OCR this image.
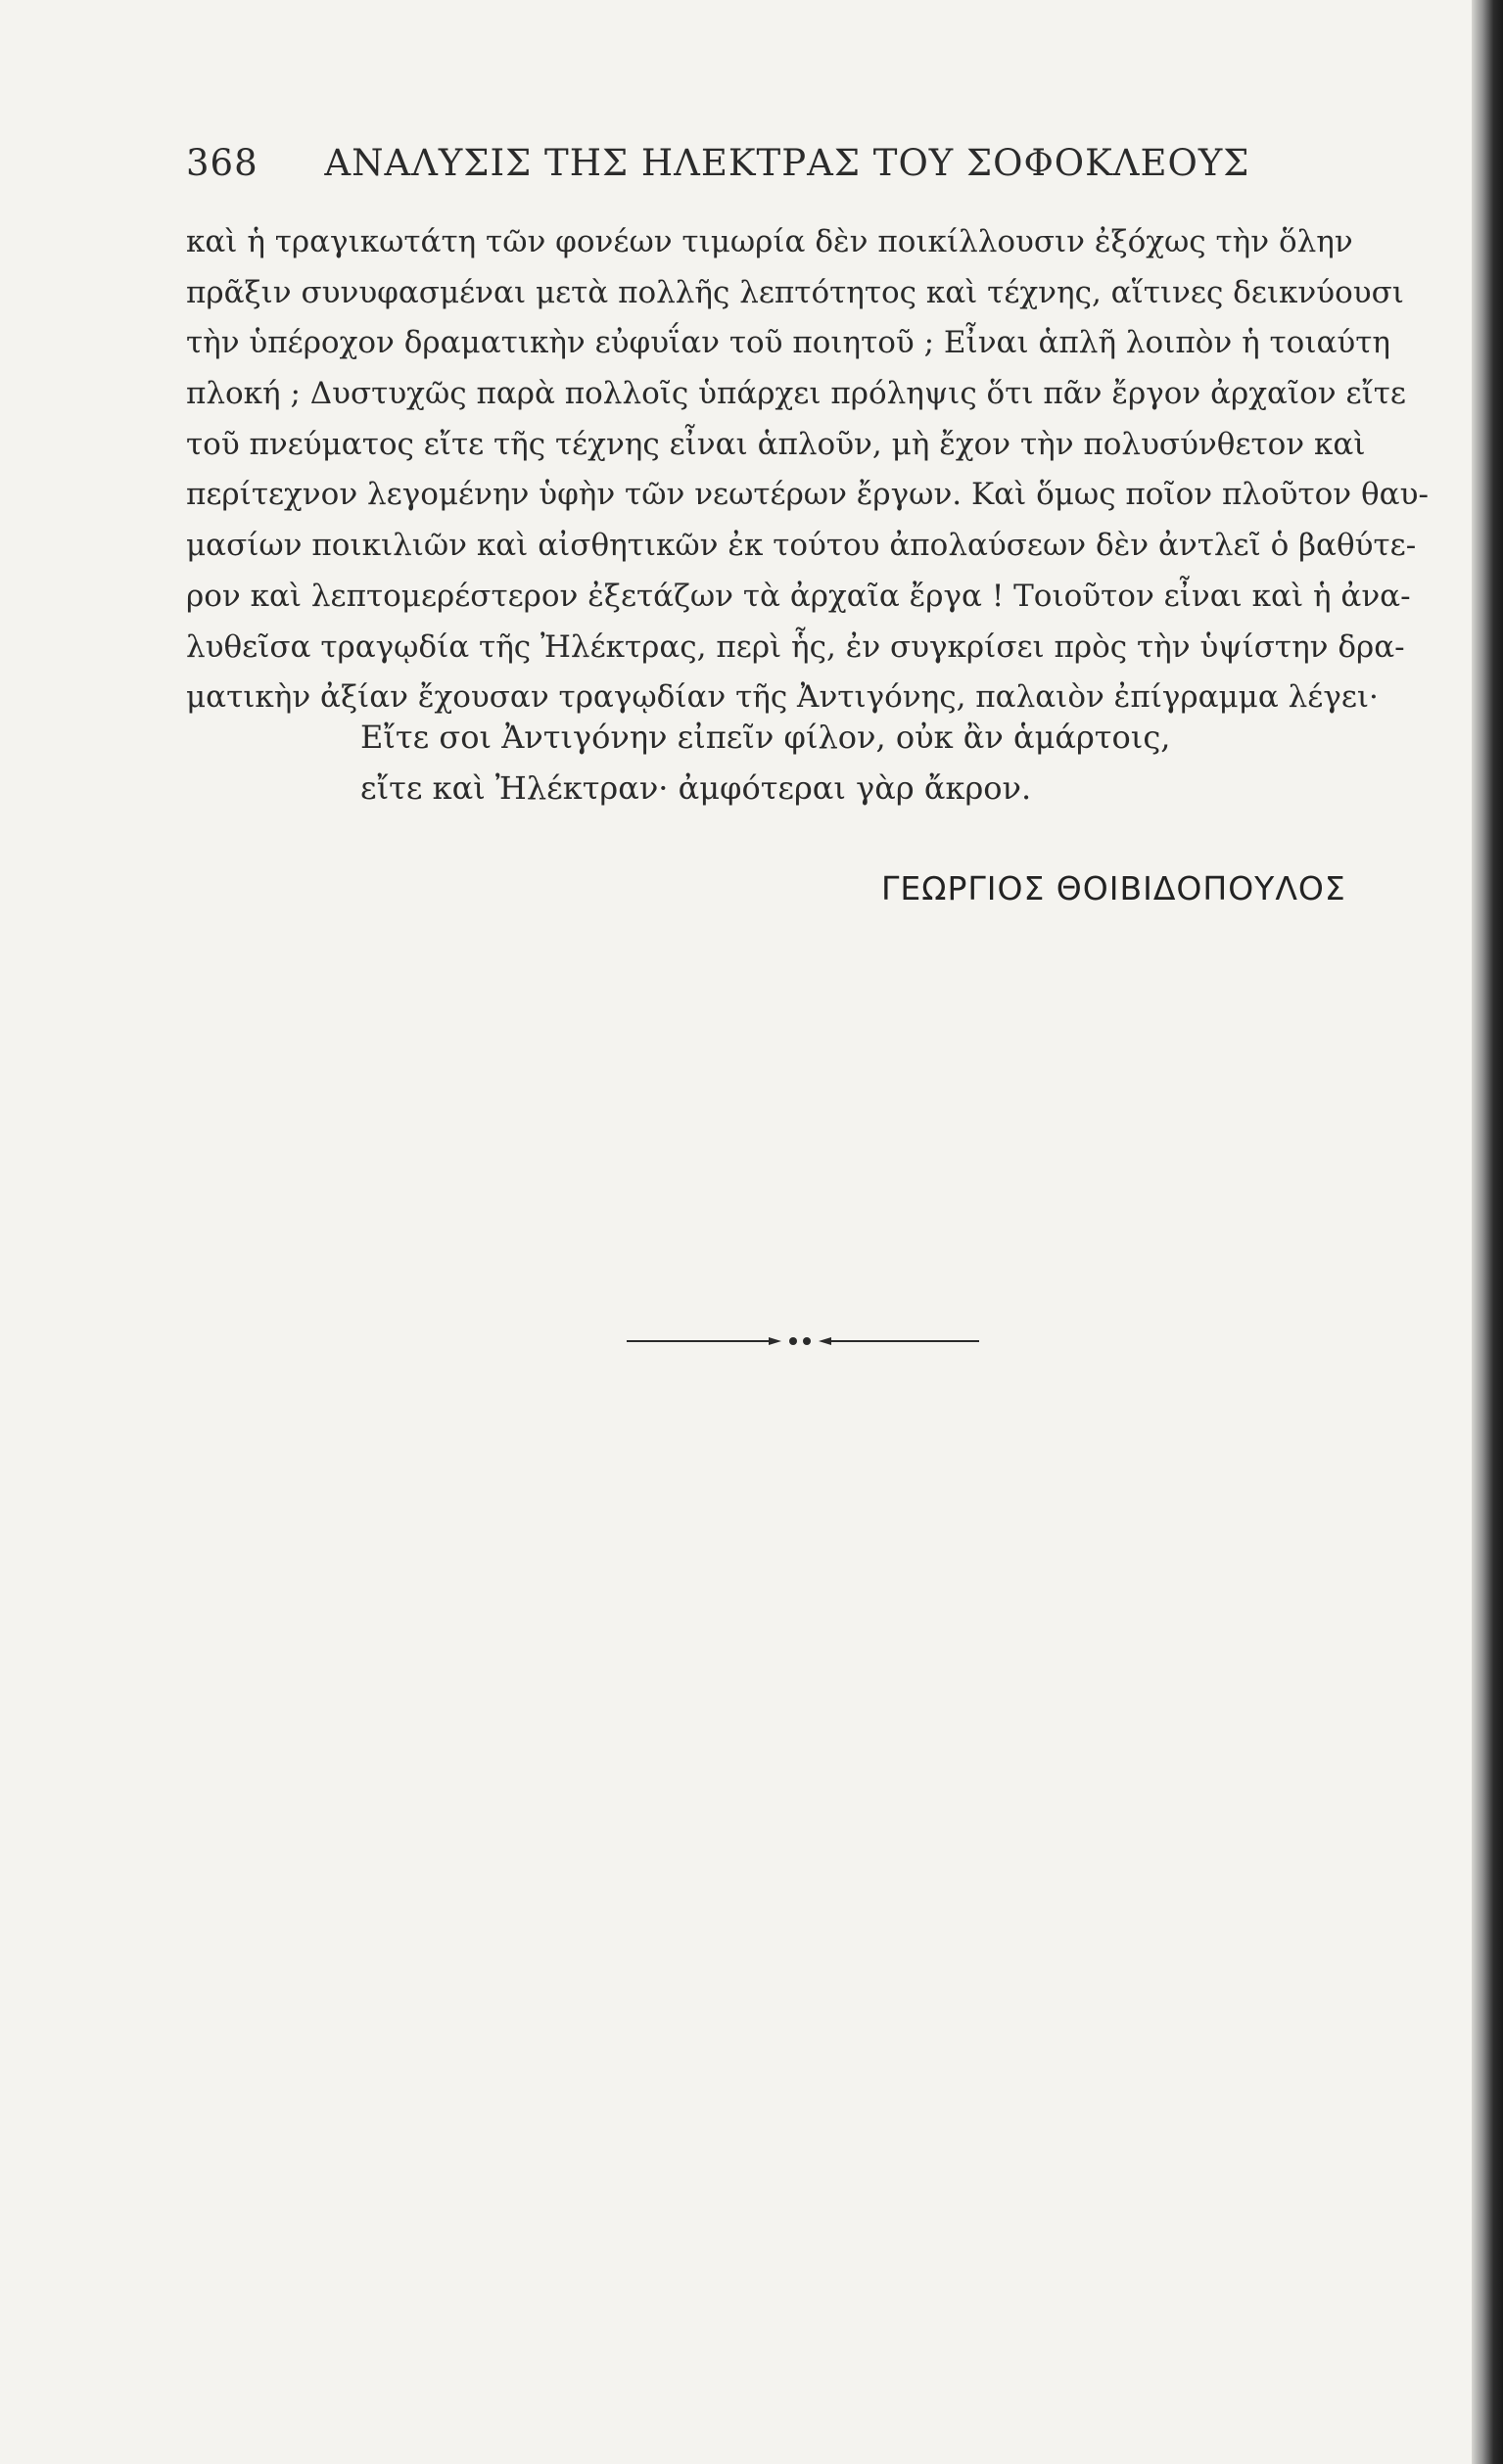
368 ΑΝΑΛΥΣΙΣ ΤΗΣ ΗΛΕΚΤΡΑΣ ΤΟΥ ΣΟΦΟΚΛΕΟΥΣ
καὶ ἡ τραγικωτάτη τῶν φονέων τιμωρία δὲν ποικίλλουσιν ἐξόχως τὴν ὅλην
πρᾶξιν συνυφασμέναι μετὰ πολλῆς λεπτότητος καὶ τέχνης, αἵτινες δεικνύουσι
τὴν ὑπέροχον δραματικὴν εὐφυΐαν τοῦ ποιητοῦ ; Εἶναι ἁπλῆ λοιπὸν ἡ τοιαύτη
πλοκή ; Δυστυχῶς παρὰ πολλοῖς ὑπάρχει πρόληψις ὅτι πᾶν ἔργον ἀρχαῖον εἴτε
τοῦ πνεύματος εἴτε τῆς τέχνης εἶναι ἁπλοῦν, μὴ ἔχον τὴν πολυσύνθετον καὶ
περίτεχνον λεγομένην ὑφὴν τῶν νεωτέρων ἔργων. Καὶ ὅμως ποῖον πλοῦτον θαυ-
μασίων ποικιλιῶν καὶ αἰσθητικῶν ἐκ τούτου ἀπολαύσεων δὲν ἀντλεῖ ὁ βαθύτε-
ρον καὶ λεπτομερέστερον ἐξετάζων τὰ ἀρχαῖα ἔργα ! Τοιοῦτον εἶναι καὶ ἡ ἀνα-
λυθεῖσα τραγῳδία τῆς Ἠλέκτρας, περὶ ἧς, ἐν συγκρίσει πρὸς τὴν ὑψίστην δρα-
ματικὴν ἀξίαν ἔχουσαν τραγῳδίαν τῆς Ἀντιγόνης, παλαιὸν ἐπίγραμμα λέγει·
Εἴτε σοι Ἀντιγόνην εἰπεῖν φίλον, οὐκ ἂν ἁμάρτοις,
εἴτε καὶ Ἠλέκτραν· ἀμφότεραι γὰρ ἄκρον.
ΓΕΩΡΓΙΟΣ ΘΟΙΒΙΔΟΠΟΥΛΟΣ
